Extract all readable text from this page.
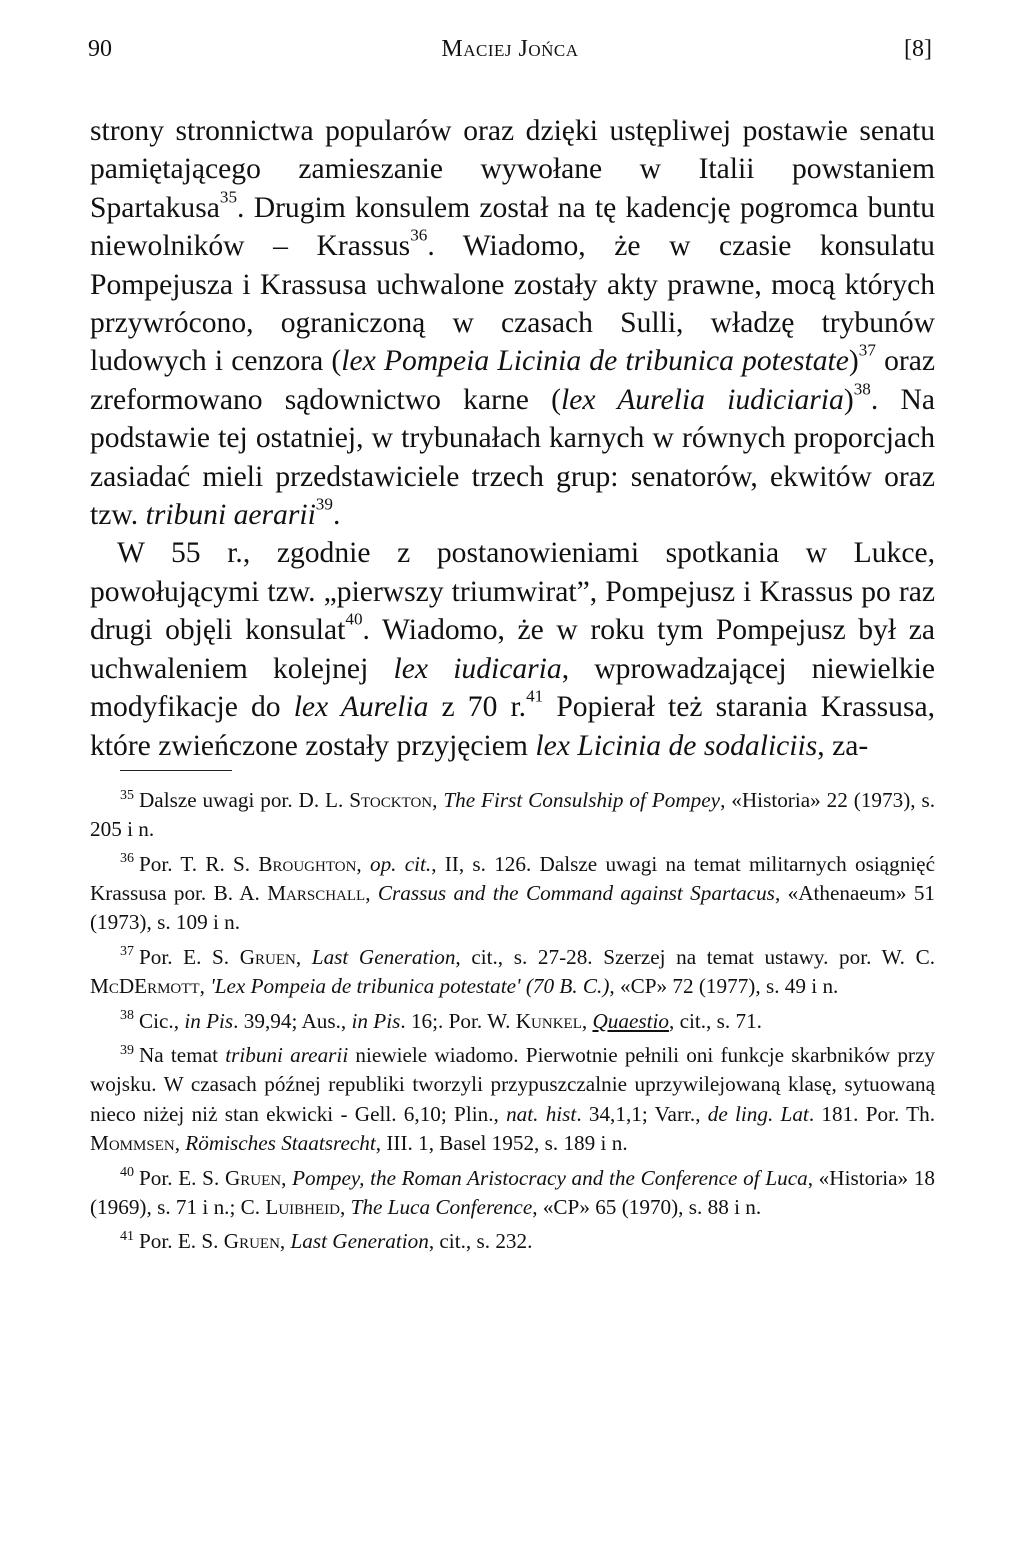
90	Maciej Jońca	[8]

strony stronnictwa popularów oraz dzięki ustępliwej postawie senatu pamiętającego zamieszanie wywołane w Italii powstaniem Spartakusa$^{35}$. Drugim konsulem został na tę kadencję pogromca buntu niewolników – Krassus$^{36}$. Wiadomo, że w czasie konsulatu Pompejusza i Krassusa uchwalone zostały akty prawne, mocą których przywrócono, ograniczoną w czasach Sulli, władzę trybunów ludowych i cenzora (lex Pompeia Licinia de tribunica potestate)$^{37}$ oraz zreformowano sądownictwo karne (lex Aurelia iudiciaria)$^{38}$. Na podstawie tej ostatniej, w trybunałach karnych w równych proporcjach zasiadać mieli przedstawiciele trzech grup: senatorów, ekwitów oraz tzw. tribuni aerarii$^{39}$.

W 55 r., zgodnie z postanowieniami spotkania w Lukce, powołującymi tzw. „pierwszy triumwirat”, Pompejusz i Krassus po raz drugi objęli konsulat$^{40}$. Wiadomo, że w roku tym Pompejusz był za uchwaleniem kolejnej lex iudicaria, wprowadzającej niewielkie modyfikacje do lex Aurelia z 70 r.$^{41}$ Popierał też starania Krassusa, które zwieńczone zostały przyjęciem lex Licinia de sodaliciis, za-

$^{35}$ Dalsze uwagi por. D. L. Stockton, The First Consulship of Pompey, «Historia» 22 (1973), s. 205 i n.

$^{36}$ Por. T. R. S. Broughton, op. cit., II, s. 126. Dalsze uwagi na temat militarnych osiągnięć Krassusa por. B. A. Marschall, Crassus and the Command against Spartacus, «Athenaeum» 51 (1973), s. 109 i n.

$^{37}$ Por. E. S. Gruen, Last Generation, cit., s. 27-28. Szerzej na temat ustawy. por. W. C. McDErmott, 'Lex Pompeia de tribunica potestate' (70 B. C.), «CP» 72 (1977), s. 49 i n.

$^{38}$ Cic., in Pis. 39,94; Aus., in Pis. 16;. Por. W. Kunkel, Quaestio, cit., s. 71.

$^{39}$ Na temat tribuni arearii niewiele wiadomo. Pierwotnie pełnili oni funkcje skarbników przy wojsku. W czasach późnej republiki tworzyli przypuszczalnie uprzywilejowaną klasę, sytuowaną nieco niżej niż stan ekwicki - Gell. 6,10; Plin., nat. hist. 34,1,1; Varr., de ling. Lat. 181. Por. Th. Mommsen, Römisches Staatsrecht, III. 1, Basel 1952, s. 189 i n.

$^{40}$ Por. E. S. Gruen, Pompey, the Roman Aristocracy and the Conference of Luca, «Historia» 18 (1969), s. 71 i n.; C. Luibheid, The Luca Conference, «CP» 65 (1970), s. 88 i n.

$^{41}$ Por. E. S. Gruen, Last Generation, cit., s. 232.
